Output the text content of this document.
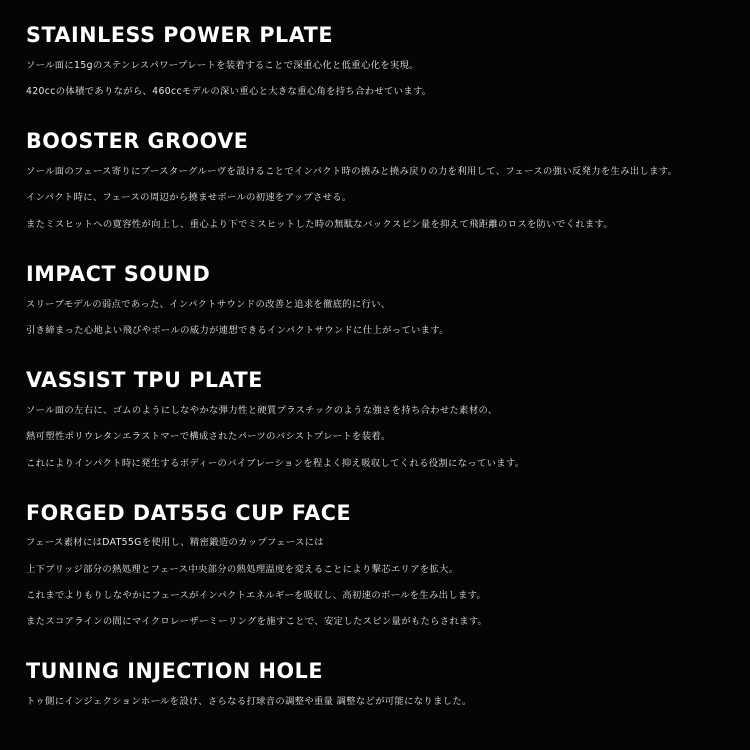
STAINLESS POWER PLATE

ソール面に15gのステンレスパワープレートを装着することで深重心化と低重心化を実現。

420ccの体積でありながら、460ccモデルの深い重心と大きな重心角を持ち合わせています。

BOOSTER GROOVE

ソール面のフェース寄りにブースターグルーヴを設けることでインパクト時の撓みと撓み戻りの力を利用して、フェースの強い反発力を生み出します。

インパクト時に、フェースの周辺から撓ませボールの初速をアップさせる。

またミスヒットへの寛容性が向上し、重心より下でミスヒットした時の無駄なバックスピン量を抑えて飛距離のロスを防いでくれます。

IMPACT SOUND

スリーブモデルの弱点であった、インパクトサウンドの改善と追求を徹底的に行い、

引き締まった心地よい飛びやボールの威力が連想できるインパクトサウンドに仕上がっています。

VASSIST TPU PLATE

ソール面の左右に、ゴムのようにしなやかな弾力性と硬質プラスチックのような強さを持ち合わせた素材の、

熱可塑性ポリウレタンエラストマーで構成されたパーツのバシストプレートを装着。

これによりインパクト時に発生するボディーのバイブレーションを程よく抑え吸収してくれる役割になっています。

FORGED DAT55G CUP FACE

フェース素材にはDAT55Gを使用し、精密鍛造のカップフェースには

上下ブリッジ部分の熱処理とフェース中央部分の熱処理温度を変えることにより撃芯エリアを拡大。

これまでよりもりしなやかにフェースがインパクトエネルギーを吸収し、高初速のボールを生み出します。

またスコアラインの間にマイクロレーザーミーリングを施すことで、安定したスピン量がもたらされます。

TUNING INJECTION HOLE

トゥ側にインジェクションホールを設け、さらなる打球音の調整や重量 調整などが可能になりました。
